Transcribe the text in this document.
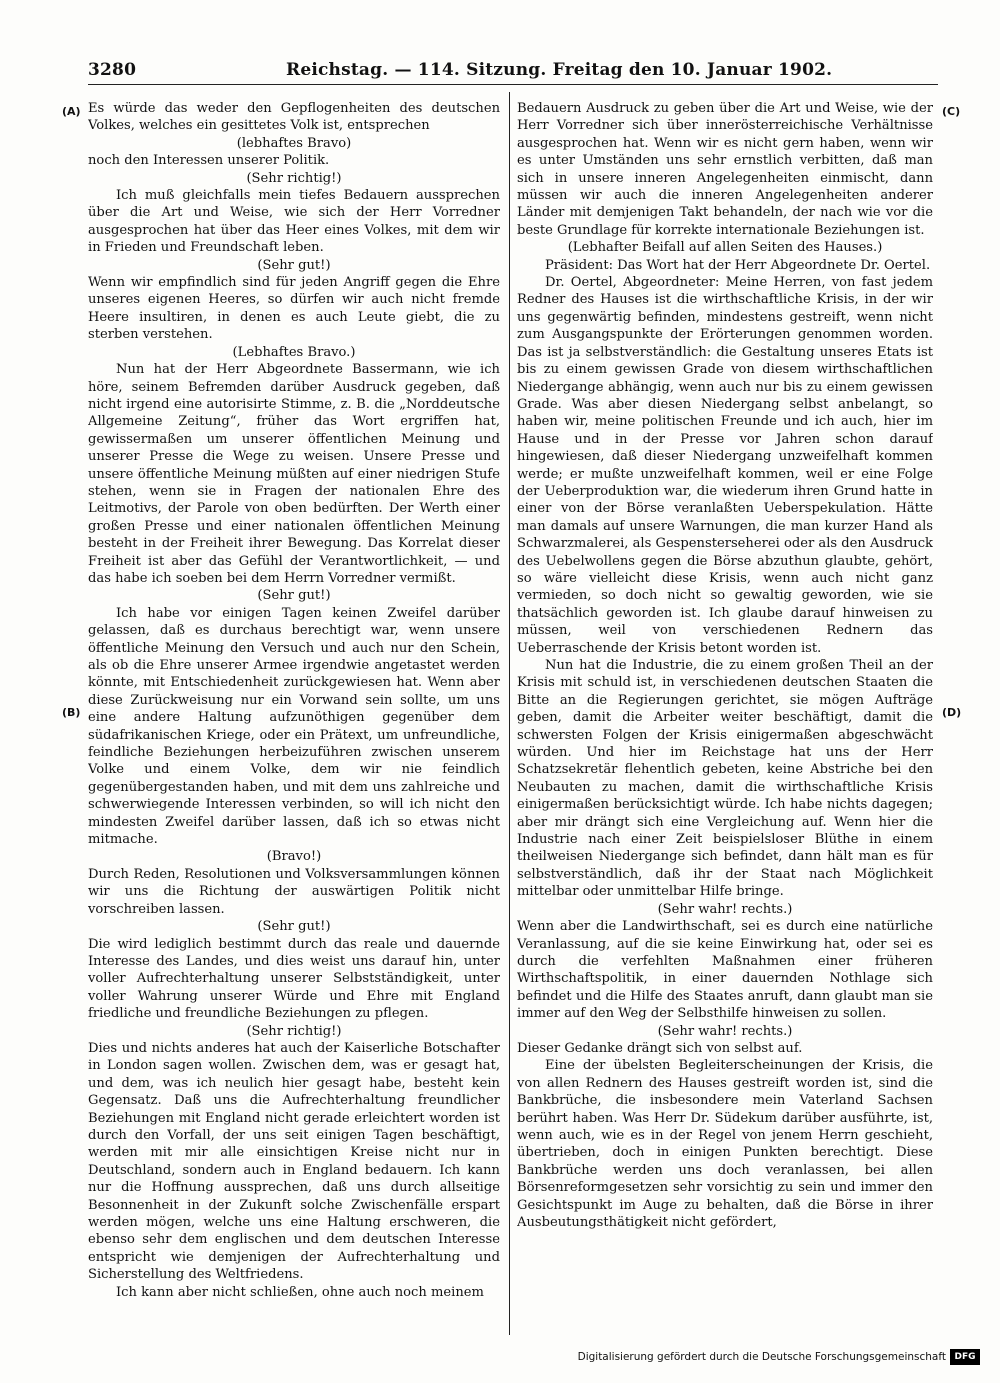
3280	Reichstag. — 114. Sitzung. Freitag den 10. Januar 1902.
(A)
(B)
(C)
(D)

Es würde das weder den Gepflogenheiten des deutschen Volkes, welches ein gesittetes Volk ist, entsprechen

(lebhaftes Bravo)

noch den Interessen unserer Politik.

(Sehr richtig!)

Ich muß gleichfalls mein tiefes Bedauern aussprechen über die Art und Weise, wie sich der Herr Vorredner ausgesprochen hat über das Heer eines Volkes, mit dem wir in Frieden und Freundschaft leben.

(Sehr gut!)

Wenn wir empfindlich sind für jeden Angriff gegen die Ehre unseres eigenen Heeres, so dürfen wir auch nicht fremde Heere insultiren, in denen es auch Leute giebt, die zu sterben verstehen.

(Lebhaftes Bravo.)

Nun hat der Herr Abgeordnete Bassermann, wie ich höre, seinem Befremden darüber Ausdruck gegeben, daß nicht irgend eine autorisirte Stimme, z. B. die „Norddeutsche Allgemeine Zeitung“, früher das Wort ergriffen hat, gewissermaßen um unserer öffentlichen Meinung und unserer Presse die Wege zu weisen. Unsere Presse und unsere öffentliche Meinung müßten auf einer niedrigen Stufe stehen, wenn sie in Fragen der nationalen Ehre des Leitmotivs, der Parole von oben bedürften. Der Werth einer großen Presse und einer nationalen öffentlichen Meinung besteht in der Freiheit ihrer Bewegung. Das Korrelat dieser Freiheit ist aber das Gefühl der Verantwortlichkeit, — und das habe ich soeben bei dem Herrn Vorredner vermißt.

(Sehr gut!)

Ich habe vor einigen Tagen keinen Zweifel darüber gelassen, daß es durchaus berechtigt war, wenn unsere öffentliche Meinung den Versuch und auch nur den Schein, als ob die Ehre unserer Armee irgendwie angetastet werden könnte, mit Entschiedenheit zurückgewiesen hat. Wenn aber diese Zurückweisung nur ein Vorwand sein sollte, um uns eine andere Haltung aufzunöthigen gegenüber dem südafrikanischen Kriege, oder ein Prätext, um unfreundliche, feindliche Beziehungen herbeizuführen zwischen unserem Volke und einem Volke, dem wir nie feindlich gegenübergestanden haben, und mit dem uns zahlreiche und schwerwiegende Interessen verbinden, so will ich nicht den mindesten Zweifel darüber lassen, daß ich so etwas nicht mitmache.

(Bravo!)

Durch Reden, Resolutionen und Volksversammlungen können wir uns die Richtung der auswärtigen Politik nicht vorschreiben lassen.

(Sehr gut!)

Die wird lediglich bestimmt durch das reale und dauernde Interesse des Landes, und dies weist uns darauf hin, unter voller Aufrechterhaltung unserer Selbstständigkeit, unter voller Wahrung unserer Würde und Ehre mit England friedliche und freundliche Beziehungen zu pflegen.

(Sehr richtig!)

Dies und nichts anderes hat auch der Kaiserliche Botschafter in London sagen wollen. Zwischen dem, was er gesagt hat, und dem, was ich neulich hier gesagt habe, besteht kein Gegensatz. Daß uns die Aufrechterhaltung freundlicher Beziehungen mit England nicht gerade erleichtert worden ist durch den Vorfall, der uns seit einigen Tagen beschäftigt, werden mit mir alle einsichtigen Kreise nicht nur in Deutschland, sondern auch in England bedauern. Ich kann nur die Hoffnung aussprechen, daß uns durch allseitige Besonnenheit in der Zukunft solche Zwischenfälle erspart werden mögen, welche uns eine Haltung erschweren, die ebenso sehr dem englischen und dem deutschen Interesse entspricht wie demjenigen der Aufrechterhaltung und Sicherstellung des Weltfriedens.

Ich kann aber nicht schließen, ohne auch noch meinem

Bedauern Ausdruck zu geben über die Art und Weise, wie der Herr Vorredner sich über innerösterreichische Verhältnisse ausgesprochen hat. Wenn wir es nicht gern haben, wenn wir es unter Umständen uns sehr ernstlich verbitten, daß man sich in unsere inneren Angelegenheiten einmischt, dann müssen wir auch die inneren Angelegenheiten anderer Länder mit demjenigen Takt behandeln, der nach wie vor die beste Grundlage für korrekte internationale Beziehungen ist.

(Lebhafter Beifall auf allen Seiten des Hauses.)

Präsident: Das Wort hat der Herr Abgeordnete Dr. Oertel.

Dr. Oertel, Abgeordneter: Meine Herren, von fast jedem Redner des Hauses ist die wirthschaftliche Krisis, in der wir uns gegenwärtig befinden, mindestens gestreift, wenn nicht zum Ausgangspunkte der Erörterungen genommen worden. Das ist ja selbstverständlich: die Gestaltung unseres Etats ist bis zu einem gewissen Grade von diesem wirthschaftlichen Niedergange abhängig, wenn auch nur bis zu einem gewissen Grade. Was aber diesen Niedergang selbst anbelangt, so haben wir, meine politischen Freunde und ich auch, hier im Hause und in der Presse vor Jahren schon darauf hingewiesen, daß dieser Niedergang unzweifelhaft kommen werde; er mußte unzweifelhaft kommen, weil er eine Folge der Ueberproduktion war, die wiederum ihren Grund hatte in einer von der Börse veranlaßten Ueberspekulation. Hätte man damals auf unsere Warnungen, die man kurzer Hand als Schwarzmalerei, als Gespensterseherei oder als den Ausdruck des Uebelwollens gegen die Börse abzuthun glaubte, gehört, so wäre vielleicht diese Krisis, wenn auch nicht ganz vermieden, so doch nicht so gewaltig geworden, wie sie thatsächlich geworden ist. Ich glaube darauf hinweisen zu müssen, weil von verschiedenen Rednern das Ueberraschende der Krisis betont worden ist.

Nun hat die Industrie, die zu einem großen Theil an der Krisis mit schuld ist, in verschiedenen deutschen Staaten die Bitte an die Regierungen gerichtet, sie mögen Aufträge geben, damit die Arbeiter weiter beschäftigt, damit die schwersten Folgen der Krisis einigermaßen abgeschwächt würden. Und hier im Reichstage hat uns der Herr Schatzsekretär flehentlich gebeten, keine Abstriche bei den Neubauten zu machen, damit die wirthschaftliche Krisis einigermaßen berücksichtigt würde. Ich habe nichts dagegen; aber mir drängt sich eine Vergleichung auf. Wenn hier die Industrie nach einer Zeit beispielsloser Blüthe in einem theilweisen Niedergange sich befindet, dann hält man es für selbstverständlich, daß ihr der Staat nach Möglichkeit mittelbar oder unmittelbar Hilfe bringe.

(Sehr wahr! rechts.)

Wenn aber die Landwirthschaft, sei es durch eine natürliche Veranlassung, auf die sie keine Einwirkung hat, oder sei es durch die verfehlten Maßnahmen einer früheren Wirthschaftspolitik, in einer dauernden Nothlage sich befindet und die Hilfe des Staates anruft, dann glaubt man sie immer auf den Weg der Selbsthilfe hinweisen zu sollen.

(Sehr wahr! rechts.)

Dieser Gedanke drängt sich von selbst auf.

Eine der übelsten Begleiterscheinungen der Krisis, die von allen Rednern des Hauses gestreift worden ist, sind die Bankbrüche, die insbesondere mein Vaterland Sachsen berührt haben. Was Herr Dr. Südekum darüber ausführte, ist, wenn auch, wie es in der Regel von jenem Herrn geschieht, übertrieben, doch in einigen Punkten berechtigt. Diese Bankbrüche werden uns doch veranlassen, bei allen Börsenreformgesetzen sehr vorsichtig zu sein und immer den Gesichtspunkt im Auge zu behalten, daß die Börse in ihrer Ausbeutungsthätigkeit nicht gefördert,

Digitalisierung gefördert durch die Deutsche Forschungsgemeinschaft DFG
